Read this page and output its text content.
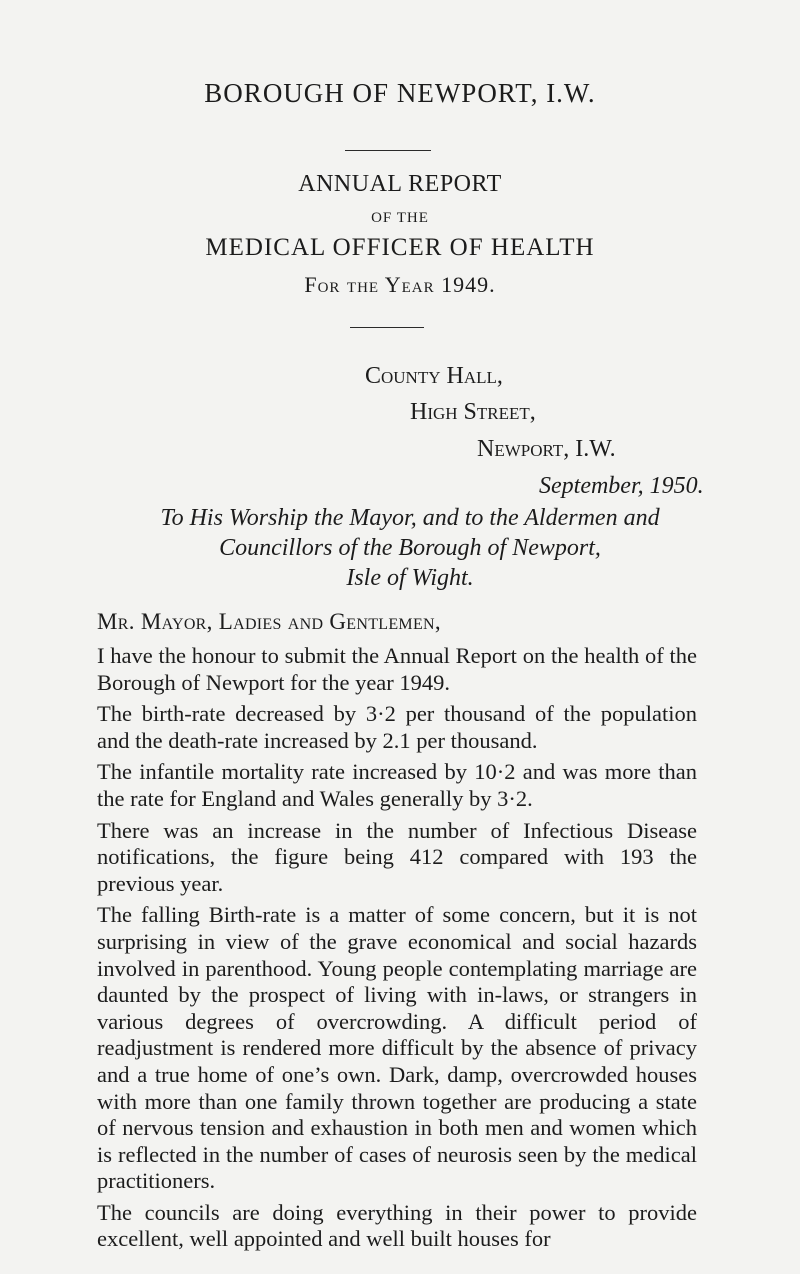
BOROUGH OF NEWPORT, I.W.
ANNUAL REPORT
OF THE
MEDICAL OFFICER OF HEALTH
For the Year 1949.
County Hall,
High Street,
Newport, I.W.
September, 1950.
To His Worship the Mayor, and to the Aldermen and
Councillors of the Borough of Newport,
Isle of Wight.
Mr. Mayor, Ladies and Gentlemen,

I have the honour to submit the Annual Report on the health of the Borough of Newport for the year 1949.

The birth-rate decreased by 3·2 per thousand of the population and the death-rate increased by 2.1 per thousand.

The infantile mortality rate increased by 10·2 and was more than the rate for England and Wales generally by 3·2.

There was an increase in the number of Infectious Disease notifications, the figure being 412 compared with 193 the previous year.

The falling Birth-rate is a matter of some concern, but it is not surprising in view of the grave economical and social hazards involved in parenthood. Young people contemplating marriage are daunted by the prospect of living with in-laws, or strangers in various degrees of overcrowding. A difficult period of readjustment is rendered more difficult by the absence of privacy and a true home of one’s own. Dark, damp, overcrowded houses with more than one family thrown together are producing a state of nervous tension and exhaustion in both men and women which is reflected in the number of cases of neurosis seen by the medical practitioners.

The councils are doing everything in their power to provide excellent, well appointed and well built houses for
